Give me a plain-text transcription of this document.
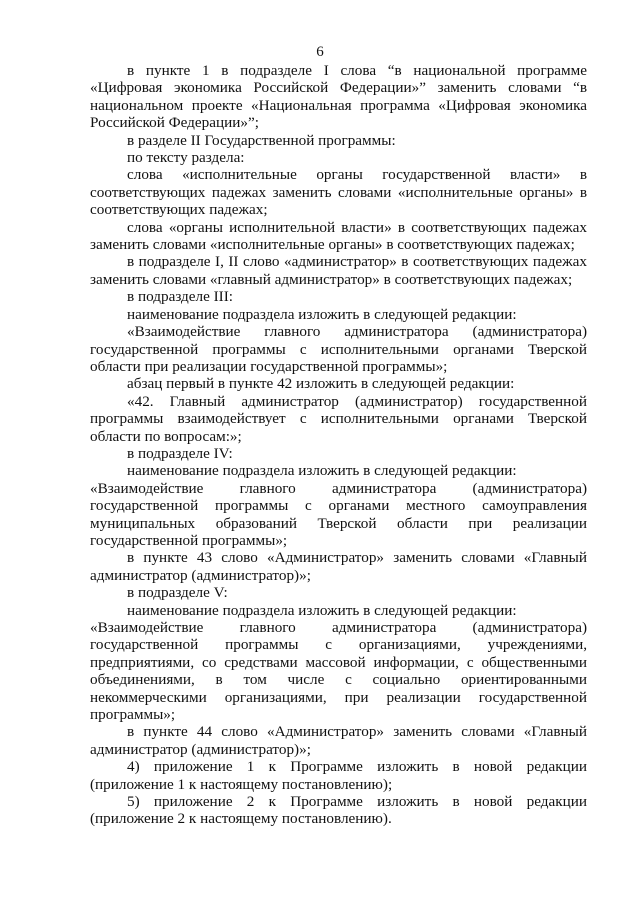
6

в пункте 1 в подразделе I слова “в национальной программе «Цифровая экономика Российской Федерации»” заменить словами “в национальном проекте «Национальная программа «Цифровая экономика Российской Федерации»”;

в разделе II Государственной программы:

по тексту раздела:

слова «исполнительные органы государственной власти» в соответствующих падежах заменить словами «исполнительные органы» в соответствующих падежах;

слова «органы исполнительной власти» в соответствующих падежах заменить словами «исполнительные органы» в соответствующих падежах;

в подразделе I, II слово «администратор» в соответствующих падежах заменить словами «главный администратор» в соответствующих падежах;

в подразделе III:

наименование подраздела изложить в следующей редакции:

«Взаимодействие главного администратора (администратора) государственной программы с исполнительными органами Тверской области при реализации государственной программы»;

абзац первый в пункте 42 изложить в следующей редакции:

«42. Главный администратор (администратор) государственной программы взаимодействует с исполнительными органами Тверской области по вопросам:»;

в подразделе IV:

наименование подраздела изложить в следующей редакции:

«Взаимодействие главного администратора (администратора) государственной программы с органами местного самоуправления муниципальных образований Тверской области при реализации государственной программы»;

в пункте 43 слово «Администратор» заменить словами «Главный администратор (администратор)»;

в подразделе V:

наименование подраздела изложить в следующей редакции:

«Взаимодействие главного администратора (администратора) государственной программы с организациями, учреждениями, предприятиями, со средствами массовой информации, с общественными объединениями, в том числе с социально ориентированными некоммерческими организациями, при реализации государственной программы»;

в пункте 44 слово «Администратор» заменить словами «Главный администратор (администратор)»;

4) приложение 1 к Программе изложить в новой редакции (приложение 1 к настоящему постановлению);

5) приложение 2 к Программе изложить в новой редакции (приложение 2 к настоящему постановлению).
